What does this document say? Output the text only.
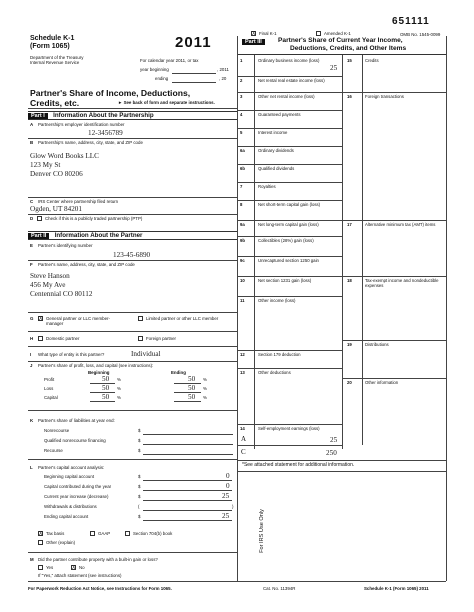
651111
X Final K-1	Amended K-1	OMB No. 1545-0099
Schedule K-1
(Form 1065)
Department of the Treasury
Internal Revenue Service
2011
For calendar year 2011, or tax
year beginning	, 2011
ending	, 20
Partner's Share of Income, Deductions,
Credits, etc.	► See back of form and separate instructions.
Part I Information About the Partnership
A Partnership's employer identification number
12-3456789
B Partnership's name, address, city, state, and ZIP code
Glow Word Books LLC
123 My St
Denver CO 80206
C IRS Center where partnership filed return
Ogden, UT 84201
D	Check if this is a publicly traded partnership (PTP)
Part II Information About the Partner
E Partner's identifying number
123-45-6890
F Partner's name, address, city, state, and ZIP code
Steve Hanson
456 My Ave
Centennial CO 80112
G X General partner or LLC member-manager
Limited partner or other LLC member
H	Domestic partner	Foreign partner
I What type of entity is this partner?	Individual
J Partner's share of profit, loss, and capital (see instructions):
Beginning	Ending
Profit	50 %	50 %
Loss	50 %	50 %
Capital	50 %	50 %
K Partner's share of liabilities at year end:
Nonrecourse	$
Qualified nonrecourse financing	$
Recourse	$
L Partner's capital account analysis:
Beginning capital account	$	0
Capital contributed during the year	$	0
Current year increase (decrease)	$	25
Withdrawals & distributions	(	)
Ending capital account	$	25
X Tax basis	GAAP	Section 704(b) book
Other (explain)
M Did the partner contribute property with a built-in gain or loss?
Yes	X No
If "Yes," attach statement (see instructions)
Part III	Partner's Share of Current Year Income,
Deductions, Credits, and Other Items
1	Ordinary business income (loss)
25
2	Net rental real estate income (loss)
3	Other net rental income (loss)
4	Guaranteed payments
5	Interest income
6a	Ordinary dividends
6b	Qualified dividends
7	Royalties
8	Net short-term capital gain (loss)
9a	Net long-term capital gain (loss)
9b	Collectibles (28%) gain (loss)
9c	Unrecaptured section 1250 gain
10	Net section 1231 gain (loss)
11	Other income (loss)
12	Section 179 deduction
13	Other deductions
14	Self-employment earnings (loss)
15	Credits
16	Foreign transactions
17	Alternative minimum tax (AMT) items
18	Tax-exempt income and nondeductible expenses
19	Distributions
20	Other information
A	25
C	250
*See attached statement for additional information.
For IRS Use Only
For Paperwork Reduction Act Notice, see Instructions for Form 1065.	Cat. No. 11394R	Schedule K-1 (Form 1065) 2011
